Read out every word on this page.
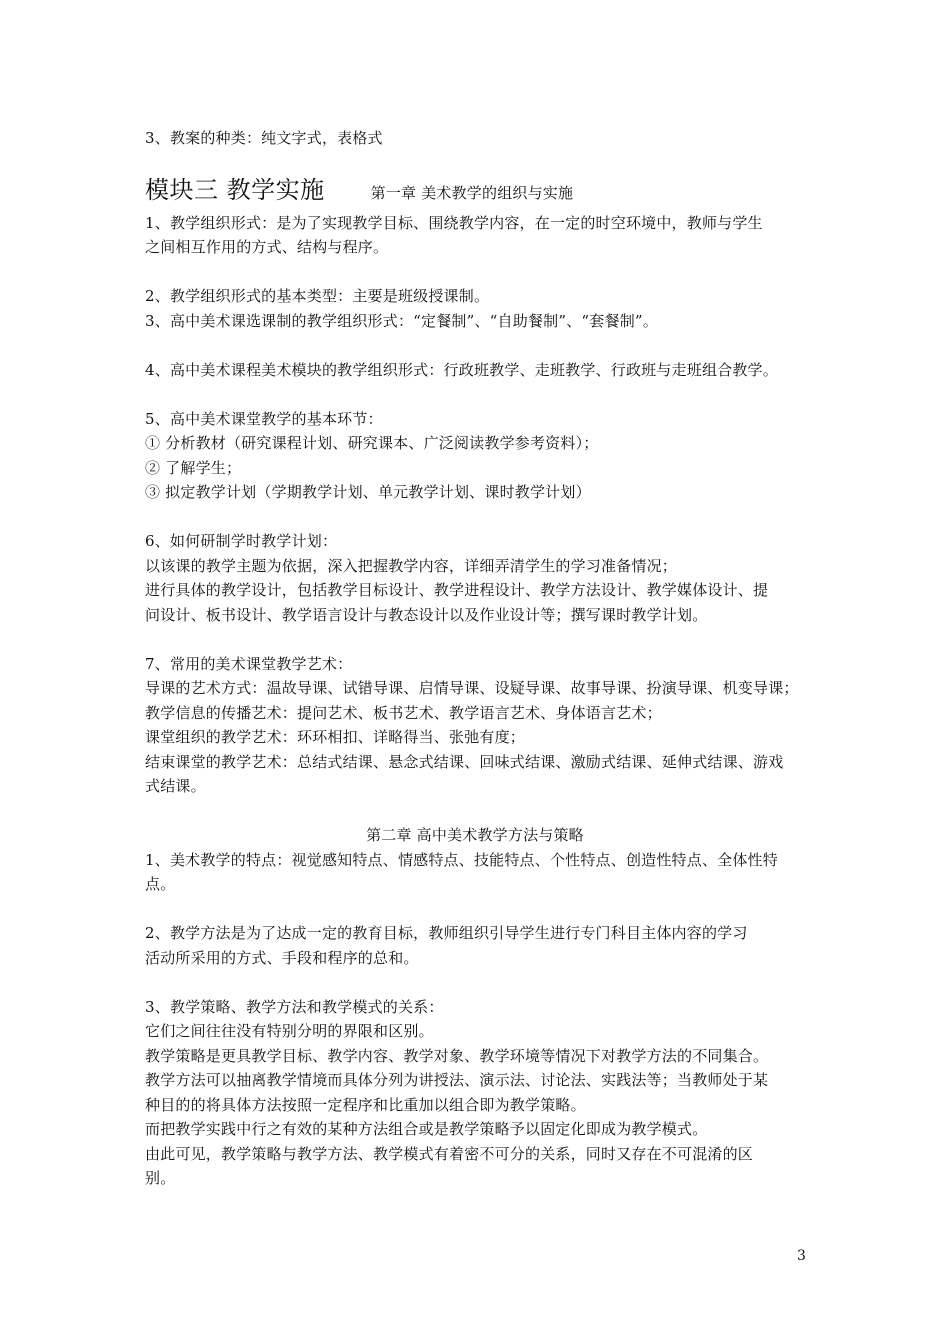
3、教案的种类：纯文字式，表格式
模块三 教学实施	第一章 美术教学的组织与实施
1、教学组织形式：是为了实现教学目标、围绕教学内容，在一定的时空环境中，教师与学生
之间相互作用的方式、结构与程序。
2、教学组织形式的基本类型：主要是班级授课制。
3、高中美术课选课制的教学组织形式：“定餐制”、“自助餐制”、“套餐制”。
4、高中美术课程美术模块的教学组织形式：行政班教学、走班教学、行政班与走班组合教学。
5、高中美术课堂教学的基本环节：
① 分析教材（研究课程计划、研究课本、广泛阅读教学参考资料）；
② 了解学生；
③ 拟定教学计划（学期教学计划、单元教学计划、课时教学计划）
6、如何研制学时教学计划：
以该课的教学主题为依据，深入把握教学内容，详细弄清学生的学习准备情况；
进行具体的教学设计，包括教学目标设计、教学进程设计、教学方法设计、教学媒体设计、提
问设计、板书设计、教学语言设计与教态设计以及作业设计等；撰写课时教学计划。
7、常用的美术课堂教学艺术：
导课的艺术方式：温故导课、试错导课、启情导课、设疑导课、故事导课、扮演导课、机变导课；
教学信息的传播艺术：提问艺术、板书艺术、教学语言艺术、身体语言艺术；
课堂组织的教学艺术：环环相扣、详略得当、张弛有度；
结束课堂的教学艺术：总结式结课、悬念式结课、回味式结课、激励式结课、延伸式结课、游戏
式结课。
第二章 高中美术教学方法与策略
1、美术教学的特点：视觉感知特点、情感特点、技能特点、个性特点、创造性特点、全体性特
点。
2、教学方法是为了达成一定的教育目标，教师组织引导学生进行专门科目主体内容的学习
活动所采用的方式、手段和程序的总和。
3、教学策略、教学方法和教学模式的关系：
它们之间往往没有特别分明的界限和区别。
教学策略是更具教学目标、教学内容、教学对象、教学环境等情况下对教学方法的不同集合。
教学方法可以抽离教学情境而具体分列为讲授法、演示法、讨论法、实践法等；当教师处于某
种目的的将具体方法按照一定程序和比重加以组合即为教学策略。
而把教学实践中行之有效的某种方法组合或是教学策略予以固定化即成为教学模式。
由此可见，教学策略与教学方法、教学模式有着密不可分的关系，同时又存在不可混淆的区
别。
3
